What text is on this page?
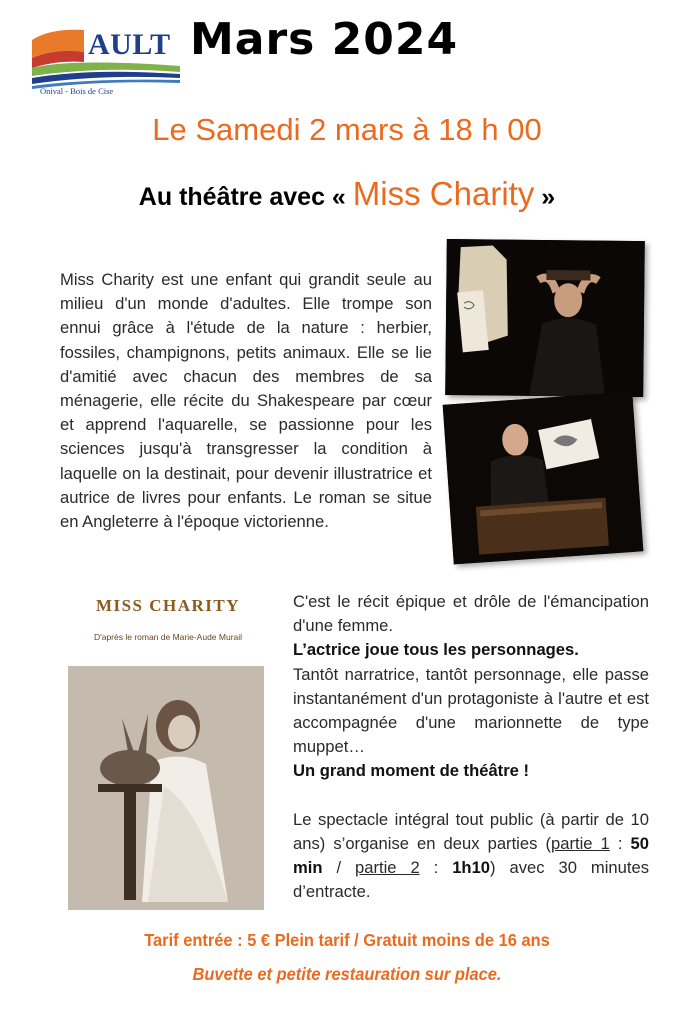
AULT
Onival - Bois de Cise
Mars 2024
Le Samedi 2 mars à 18 h 00
Au théâtre avec « Miss Charity »

Miss Charity est une enfant qui grandit seule au milieu d'un monde d'adultes. Elle trompe son ennui grâce à l'étude de la nature : herbier, fossiles, champignons, petits animaux. Elle se lie d'amitié avec chacun des membres de sa ménagerie, elle récite du Shakespeare par cœur et apprend l'aquarelle, se passionne pour les sciences jusqu'à transgresser la condition à laquelle on la destinait, pour devenir illustratrice et autrice de livres pour enfants. Le roman se situe en Angleterre à l'époque victorienne.

MISS CHARITY
D'après le roman de Marie-Aude Murail
C'est le récit épique et drôle de l'émancipation d'une femme.
L’actrice joue tous les personnages.
Tantôt narratrice, tantôt personnage, elle passe instantanément d'un protagoniste à l'autre et est accompagnée d'une marionnette de type muppet…
Un grand moment de théâtre !

Le spectacle intégral tout public (à partir de 10 ans) s’organise en deux parties (partie 1 : 50 min / partie 2 : 1h10) avec 30 minutes d’entracte.
Tarif entrée : 5 € Plein tarif / Gratuit moins de 16 ans
Buvette et petite restauration sur place.
